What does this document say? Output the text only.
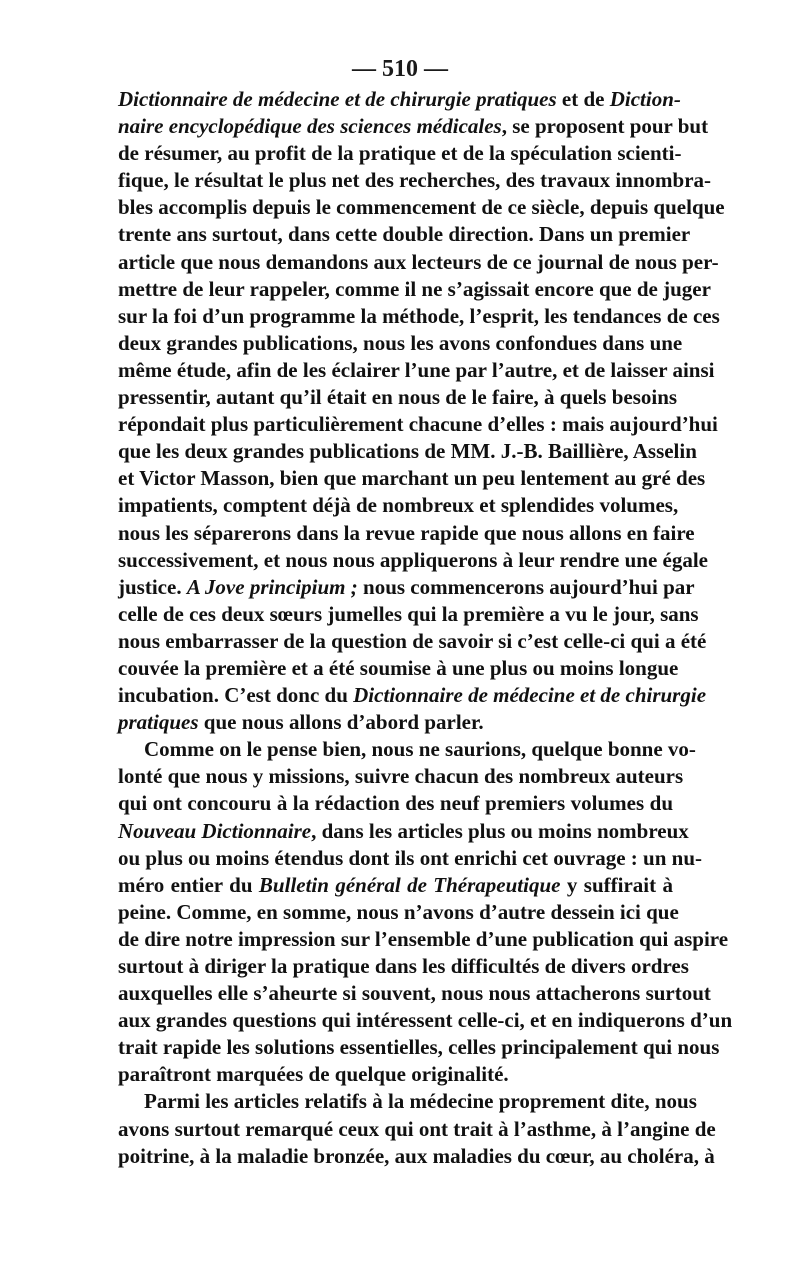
— 510 —
Dictionnaire de médecine et de chirurgie pratiques et de Diction-
naire encyclopédique des sciences médicales, se proposent pour but
de résumer, au profit de la pratique et de la spéculation scienti-
fique, le résultat le plus net des recherches, des travaux innombra-
bles accomplis depuis le commencement de ce siècle, depuis quelque
trente ans surtout, dans cette double direction. Dans un premier
article que nous demandons aux lecteurs de ce journal de nous per-
mettre de leur rappeler, comme il ne s’agissait encore que de juger
sur la foi d’un programme la méthode, l’esprit, les tendances de ces
deux grandes publications, nous les avons confondues dans une
même étude, afin de les éclairer l’une par l’autre, et de laisser ainsi
pressentir, autant qu’il était en nous de le faire, à quels besoins
répondait plus particulièrement chacune d’elles : mais aujourd’hui
que les deux grandes publications de MM. J.-B. Baillière, Asselin
et Victor Masson, bien que marchant un peu lentement au gré des
impatients, comptent déjà de nombreux et splendides volumes,
nous les séparerons dans la revue rapide que nous allons en faire
successivement, et nous nous appliquerons à leur rendre une égale
justice. A Jove principium ; nous commencerons aujourd’hui par
celle de ces deux sœurs jumelles qui la première a vu le jour, sans
nous embarrasser de la question de savoir si c’est celle-ci qui a été
couvée la première et a été soumise à une plus ou moins longue
incubation. C’est donc du Dictionnaire de médecine et de chirurgie
pratiques que nous allons d’abord parler.
Comme on le pense bien, nous ne saurions, quelque bonne vo-
lonté que nous y missions, suivre chacun des nombreux auteurs
qui ont concouru à la rédaction des neuf premiers volumes du
Nouveau Dictionnaire, dans les articles plus ou moins nombreux
ou plus ou moins étendus dont ils ont enrichi cet ouvrage : un nu-
méro entier du Bulletin général de Thérapeutique y suffirait à
peine. Comme, en somme, nous n’avons d’autre dessein ici que
de dire notre impression sur l’ensemble d’une publication qui aspire
surtout à diriger la pratique dans les difficultés de divers ordres
auxquelles elle s’aheurte si souvent, nous nous attacherons surtout
aux grandes questions qui intéressent celle-ci, et en indiquerons d’un
trait rapide les solutions essentielles, celles principalement qui nous
paraîtront marquées de quelque originalité.
Parmi les articles relatifs à la médecine proprement dite, nous
avons surtout remarqué ceux qui ont trait à l’asthme, à l’angine de
poitrine, à la maladie bronzée, aux maladies du cœur, au choléra, à
